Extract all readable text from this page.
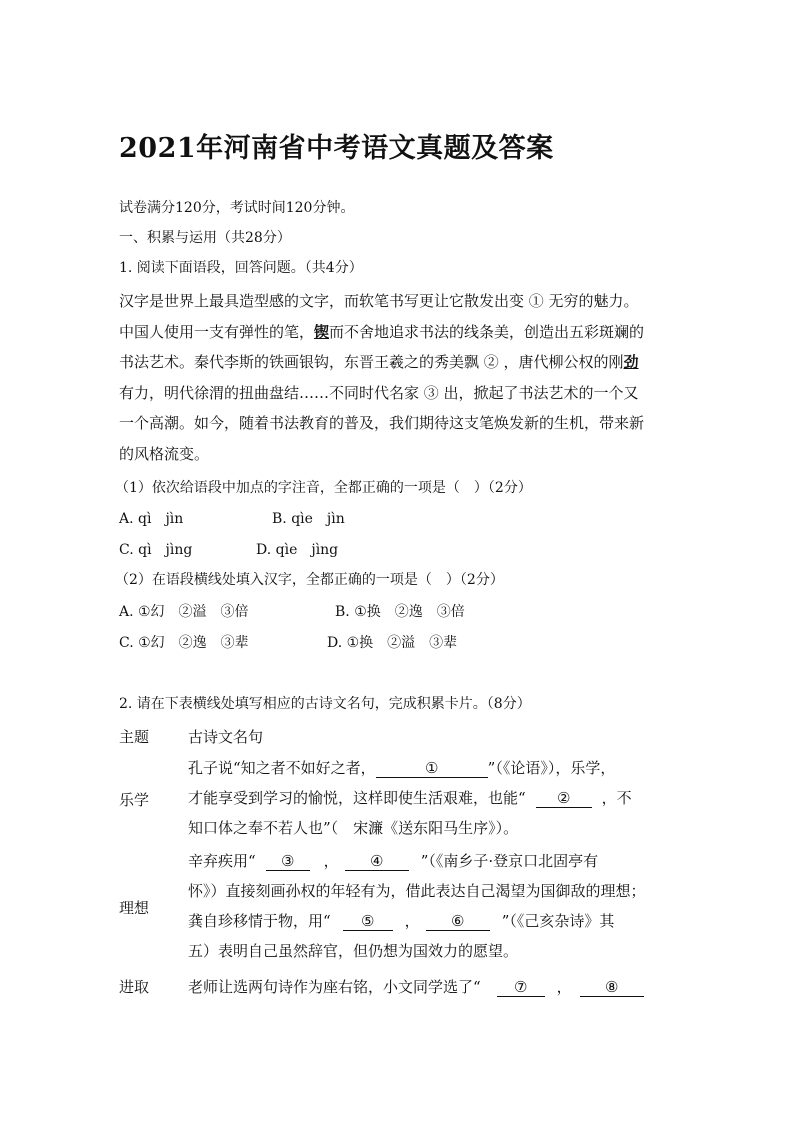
2021年河南省中考语文真题及答案
试卷满分120分，考试时间120分钟。
一、积累与运用（共28分）
1. 阅读下面语段，回答问题。（共4分）

汉字是世界上最具造型感的文字，而软笔书写更让它散发出变 ① 无穷的魅力。

中国人使用一支有弹性的笔，锲而不舍地追求书法的线条美，创造出五彩斑斓的

书法艺术。秦代李斯的铁画银钩，东晋王羲之的秀美飘 ② ，唐代柳公权的刚劲

有力，明代徐渭的扭曲盘结……不同时代名家 ③ 出，掀起了书法艺术的一个又

一个高潮。如今，随着书法教育的普及，我们期待这支笔焕发新的生机，带来新

的风格流变。

（1）依次给语段中加点的字注音，全都正确的一项是（　）（2分）
A. qì　jìn	B. qìe　jìn
C. qì　jìng	D. qìe　jìng
（2）在语段横线处填入汉字，全都正确的一项是（　）（2分）
A. ①幻　②溢　③倍	B. ①换　②逸　③倍
C. ①幻　②逸　③辈	D. ①换　②溢　③辈
2. 请在下表横线处填写相应的古诗文名句，完成积累卡片。（8分）
主题	古诗文名句
乐学

孔子说“知之者不如好之者，	①	”（《论语》），乐学，

才能享受到学习的愉悦，这样即使生活艰难，也能“ ② ，不

知口体之奉不若人也”（　宋濂《送东阳马生序》）。

理想

辛弃疾用“ ③ ， ④ ”（《南乡子·登京口北固亭有

怀》）直接刻画孙权的年轻有为，借此表达自己渴望为国御敌的理想；

龚自珍移情于物，用“ ⑤ ， ⑥ ”（《己亥杂诗》其

五）表明自己虽然辞官，但仍想为国效力的愿望。

进取	老师让选两句诗作为座右铭，小文同学选了“ ⑦ ， ⑧
